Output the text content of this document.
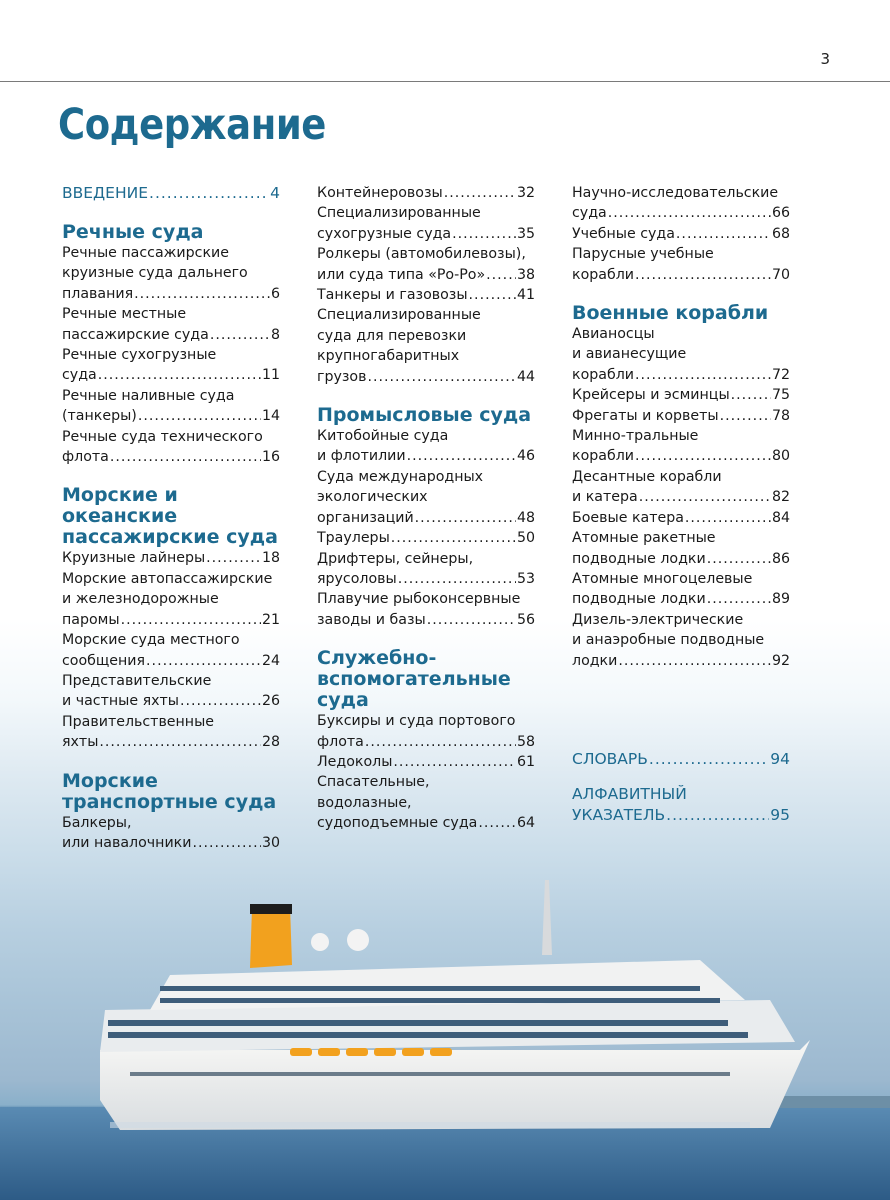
3
Содержание
ВВЕДЕНИЕ .....	4
Речные суда
Речные пассажирские
круизные суда дальнего
плавания .....	6
Речные местные
пассажирские суда .....	8
Речные сухогрузные
суда .....	11
Речные наливные суда
(танкеры) .....	14
Речные суда технического
флота .....	16
Морские и океанские
пассажирские суда
Круизные лайнеры .....	18
Морские автопассажирские
и железнодорожные
паромы .....	21
Морские суда местного
сообщения .....	24
Представительские
и частные яхты .....	26
Правительственные
яхты .....	28
Морские
транспортные суда
Балкеры,
или навалочники .....	30
Контейнеровозы .....	32
Специализированные
сухогрузные суда .....	35
Ролкеры (автомобилевозы),
или суда типа «Ро-Ро» ..... 38
Танкеры и газовозы .....	41
Специализированные
суда для перевозки
крупногабаритных
грузов .....	44
Промысловые суда
Китобойные суда
и флотилии .....	46
Суда международных
экологических
организаций .....	48
Траулеры .....	50
Дрифтеры, сейнеры,
ярусоловы .....	53
Плавучие рыбоконсервные
заводы и базы .....	56
Служебно-
вспомогательные
суда
Буксиры и суда портового
флота .....	58
Ледоколы .....	61
Спасательные,
водолазные,
судоподъемные суда .....	64
Научно-исследовательские
суда .....	66
Учебные суда .....	68
Парусные учебные
корабли .....	70
Военные корабли
Авианосцы
и авианесущие
корабли .....	72
Крейсеры и эсминцы .....	75
Фрегаты и корветы .....	78
Минно-тральные
корабли .....	80
Десантные корабли
и катера .....	82
Боевые катера .....	84
Атомные ракетные
подводные лодки .....	86
Атомные многоцелевые
подводные лодки .....	89
Дизель-электрические
и анаэробные подводные
лодки .....	92
СЛОВАРЬ .....	94
АЛФАВИТНЫЙ
УКАЗАТЕЛЬ .....	95
